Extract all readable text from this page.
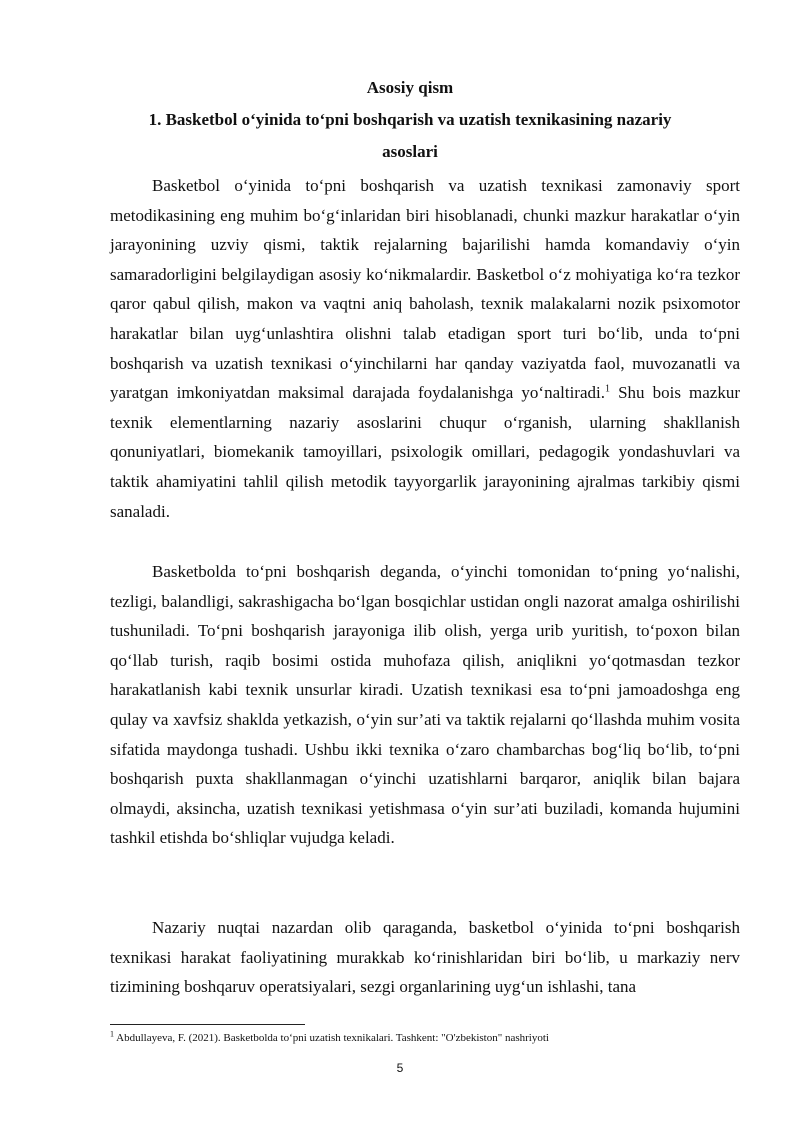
Asosiy qism
1. Basketbol o‘yinida to‘pni boshqarish va uzatish texnikasining nazariy
asoslari
Basketbol o‘yinida to‘pni boshqarish va uzatish texnikasi zamonaviy sport metodikasining eng muhim bo‘g‘inlaridan biri hisoblanadi, chunki mazkur harakatlar o‘yin jarayonining uzviy qismi, taktik rejalarning bajarilishi hamda komandaviy o‘yin samaradorligini belgilaydigan asosiy ko‘nikmalardir. Basketbol o‘z mohiyatiga ko‘ra tezkor qaror qabul qilish, makon va vaqtni aniq baholash, texnik malakalarni nozik psixomotor harakatlar bilan uyg‘unlashtira olishni talab etadigan sport turi bo‘lib, unda to‘pni boshqarish va uzatish texnikasi o‘yinchilarni har qanday vaziyatda faol, muvozanatli va yaratgan imkoniyatdan maksimal darajada foydalanishga yo‘naltiradi.$^1$ Shu bois mazkur texnik elementlarning nazariy asoslarini chuqur o‘rganish, ularning shakllanish qonuniyatlari, biomekanik tamoyillari, psixologik omillari, pedagogik yondashuvlari va taktik ahamiyatini tahlil qilish metodik tayyorgarlik jarayonining ajralmas tarkibiy qismi sanaladi.
Basketbolda to‘pni boshqarish deganda, o‘yinchi tomonidan to‘pning yo‘nalishi, tezligi, balandligi, sakrashigacha bo‘lgan bosqichlar ustidan ongli nazorat amalga oshirilishi tushuniladi. To‘pni boshqarish jarayoniga ilib olish, yerga urib yuritish, to‘poxon bilan qo‘llab turish, raqib bosimi ostida muhofaza qilish, aniqlikni yo‘qotmasdan tezkor harakatlanish kabi texnik unsurlar kiradi. Uzatish texnikasi esa to‘pni jamoadoshga eng qulay va xavfsiz shaklda yetkazish, o‘yin sur’ati va taktik rejalarni qo‘llashda muhim vosita sifatida maydonga tushadi. Ushbu ikki texnika o‘zaro chambarchas bog‘liq bo‘lib, to‘pni boshqarish puxta shakllanmagan o‘yinchi uzatishlarni barqaror, aniqlik bilan bajara olmaydi, aksincha, uzatish texnikasi yetishmasa o‘yin sur’ati buziladi, komanda hujumini tashkil etishda bo‘shliqlar vujudga keladi.
Nazariy nuqtai nazardan olib qaraganda, basketbol o‘yinida to‘pni boshqarish texnikasi harakat faoliyatining murakkab ko‘rinishlaridan biri bo‘lib, u markaziy nerv tizimining boshqaruv operatsiyalari, sezgi organlarining uyg‘un ishlashi, tana
$^1$ Abdullayeva, F. (2021). Basketbolda to‘pni uzatish texnikalari. Tashkent: "O'zbekiston" nashriyoti
5
